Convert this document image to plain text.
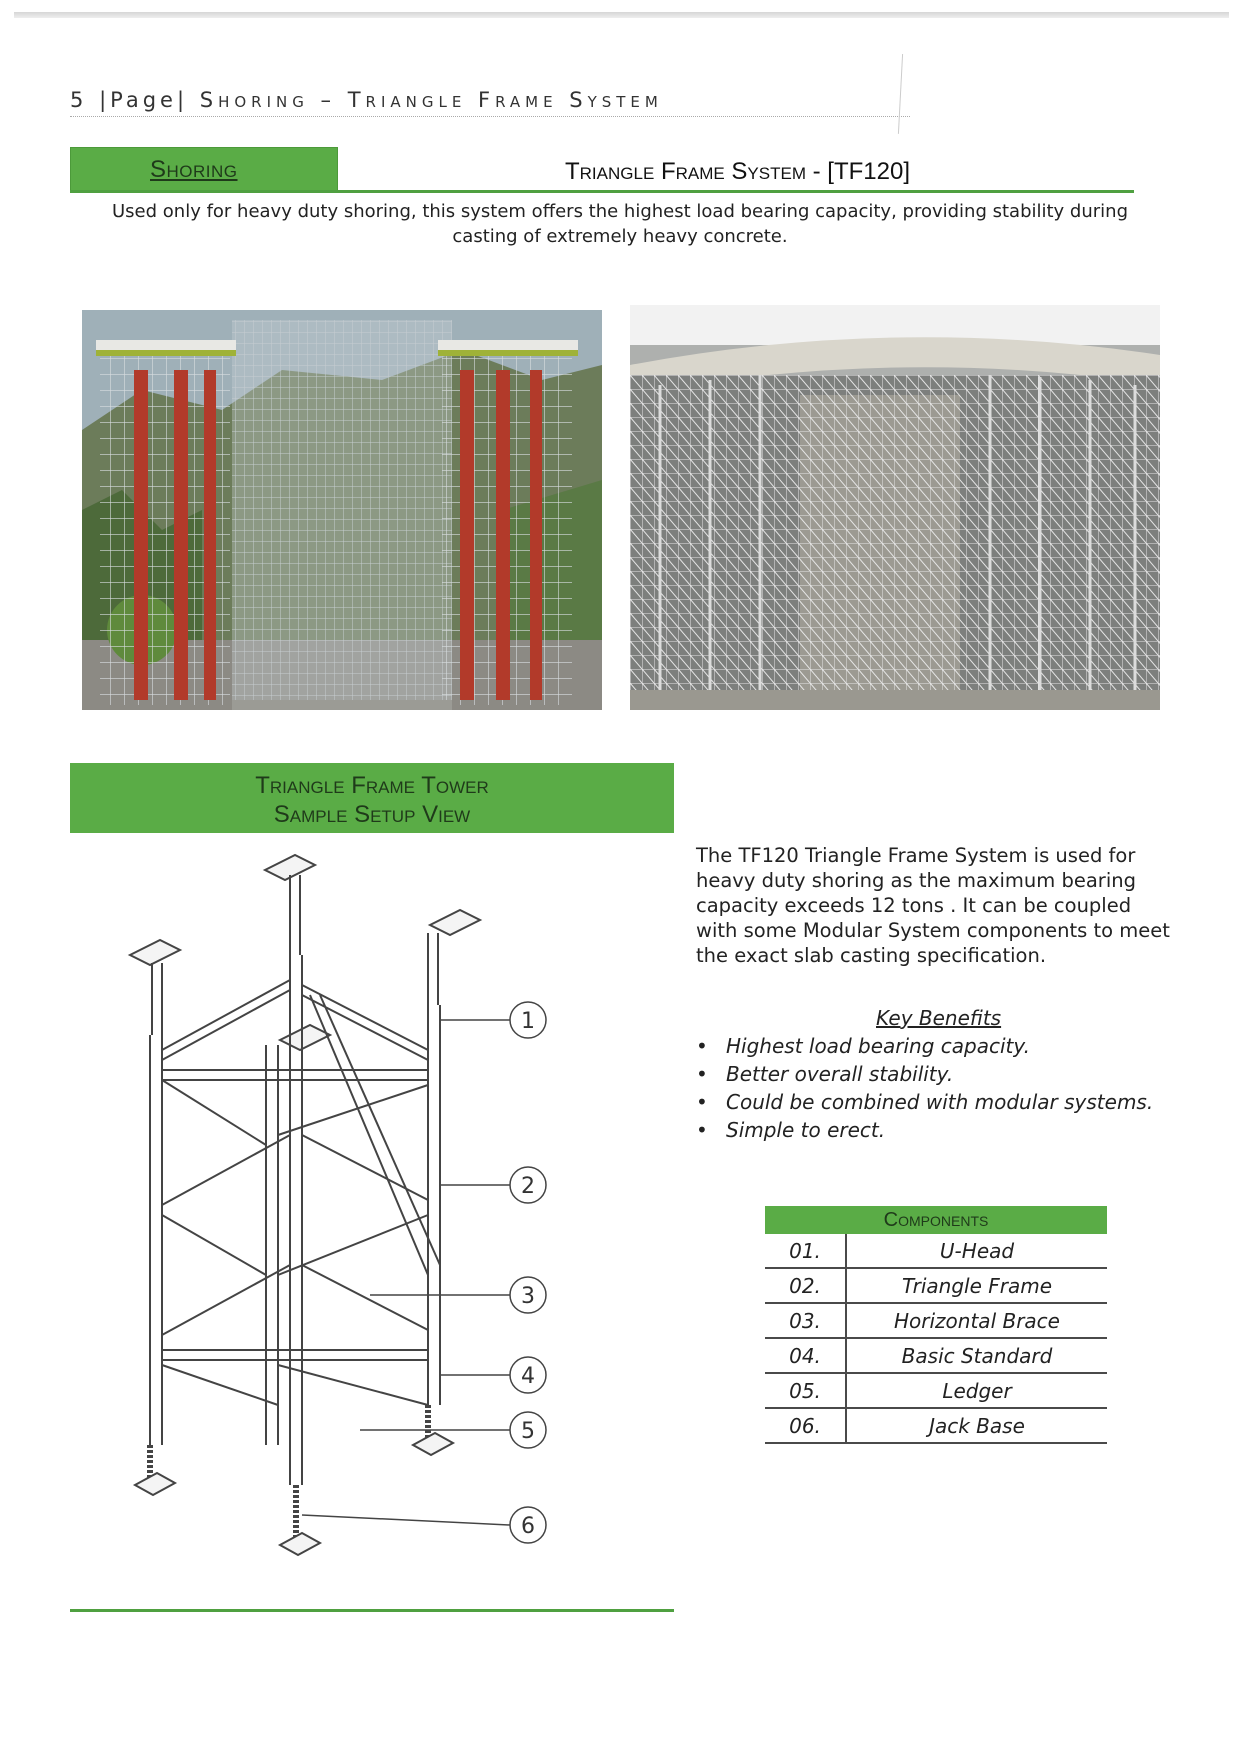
5 |Page| Shoring – Triangle Frame System
Shoring	Triangle Frame System - [TF120]
Used only for heavy duty shoring, this system offers the highest load bearing capacity, providing stability during casting of extremely heavy concrete.
Triangle Frame Tower
Sample Setup View
1
2
3
4
5
6
The TF120 Triangle Frame System is used for heavy duty shoring as the maximum bearing capacity exceeds 12 tons . It can be coupled with some Modular System components to meet the exact slab casting specification.
Key Benefits
• Highest load bearing capacity.
• Better overall stability.
• Could be combined with modular systems.
• Simple to erect.
Components	
01.	U-Head
02.	Triangle Frame
03.	Horizontal Brace
04.	Basic Standard
05.	Ledger
06.	Jack Base
